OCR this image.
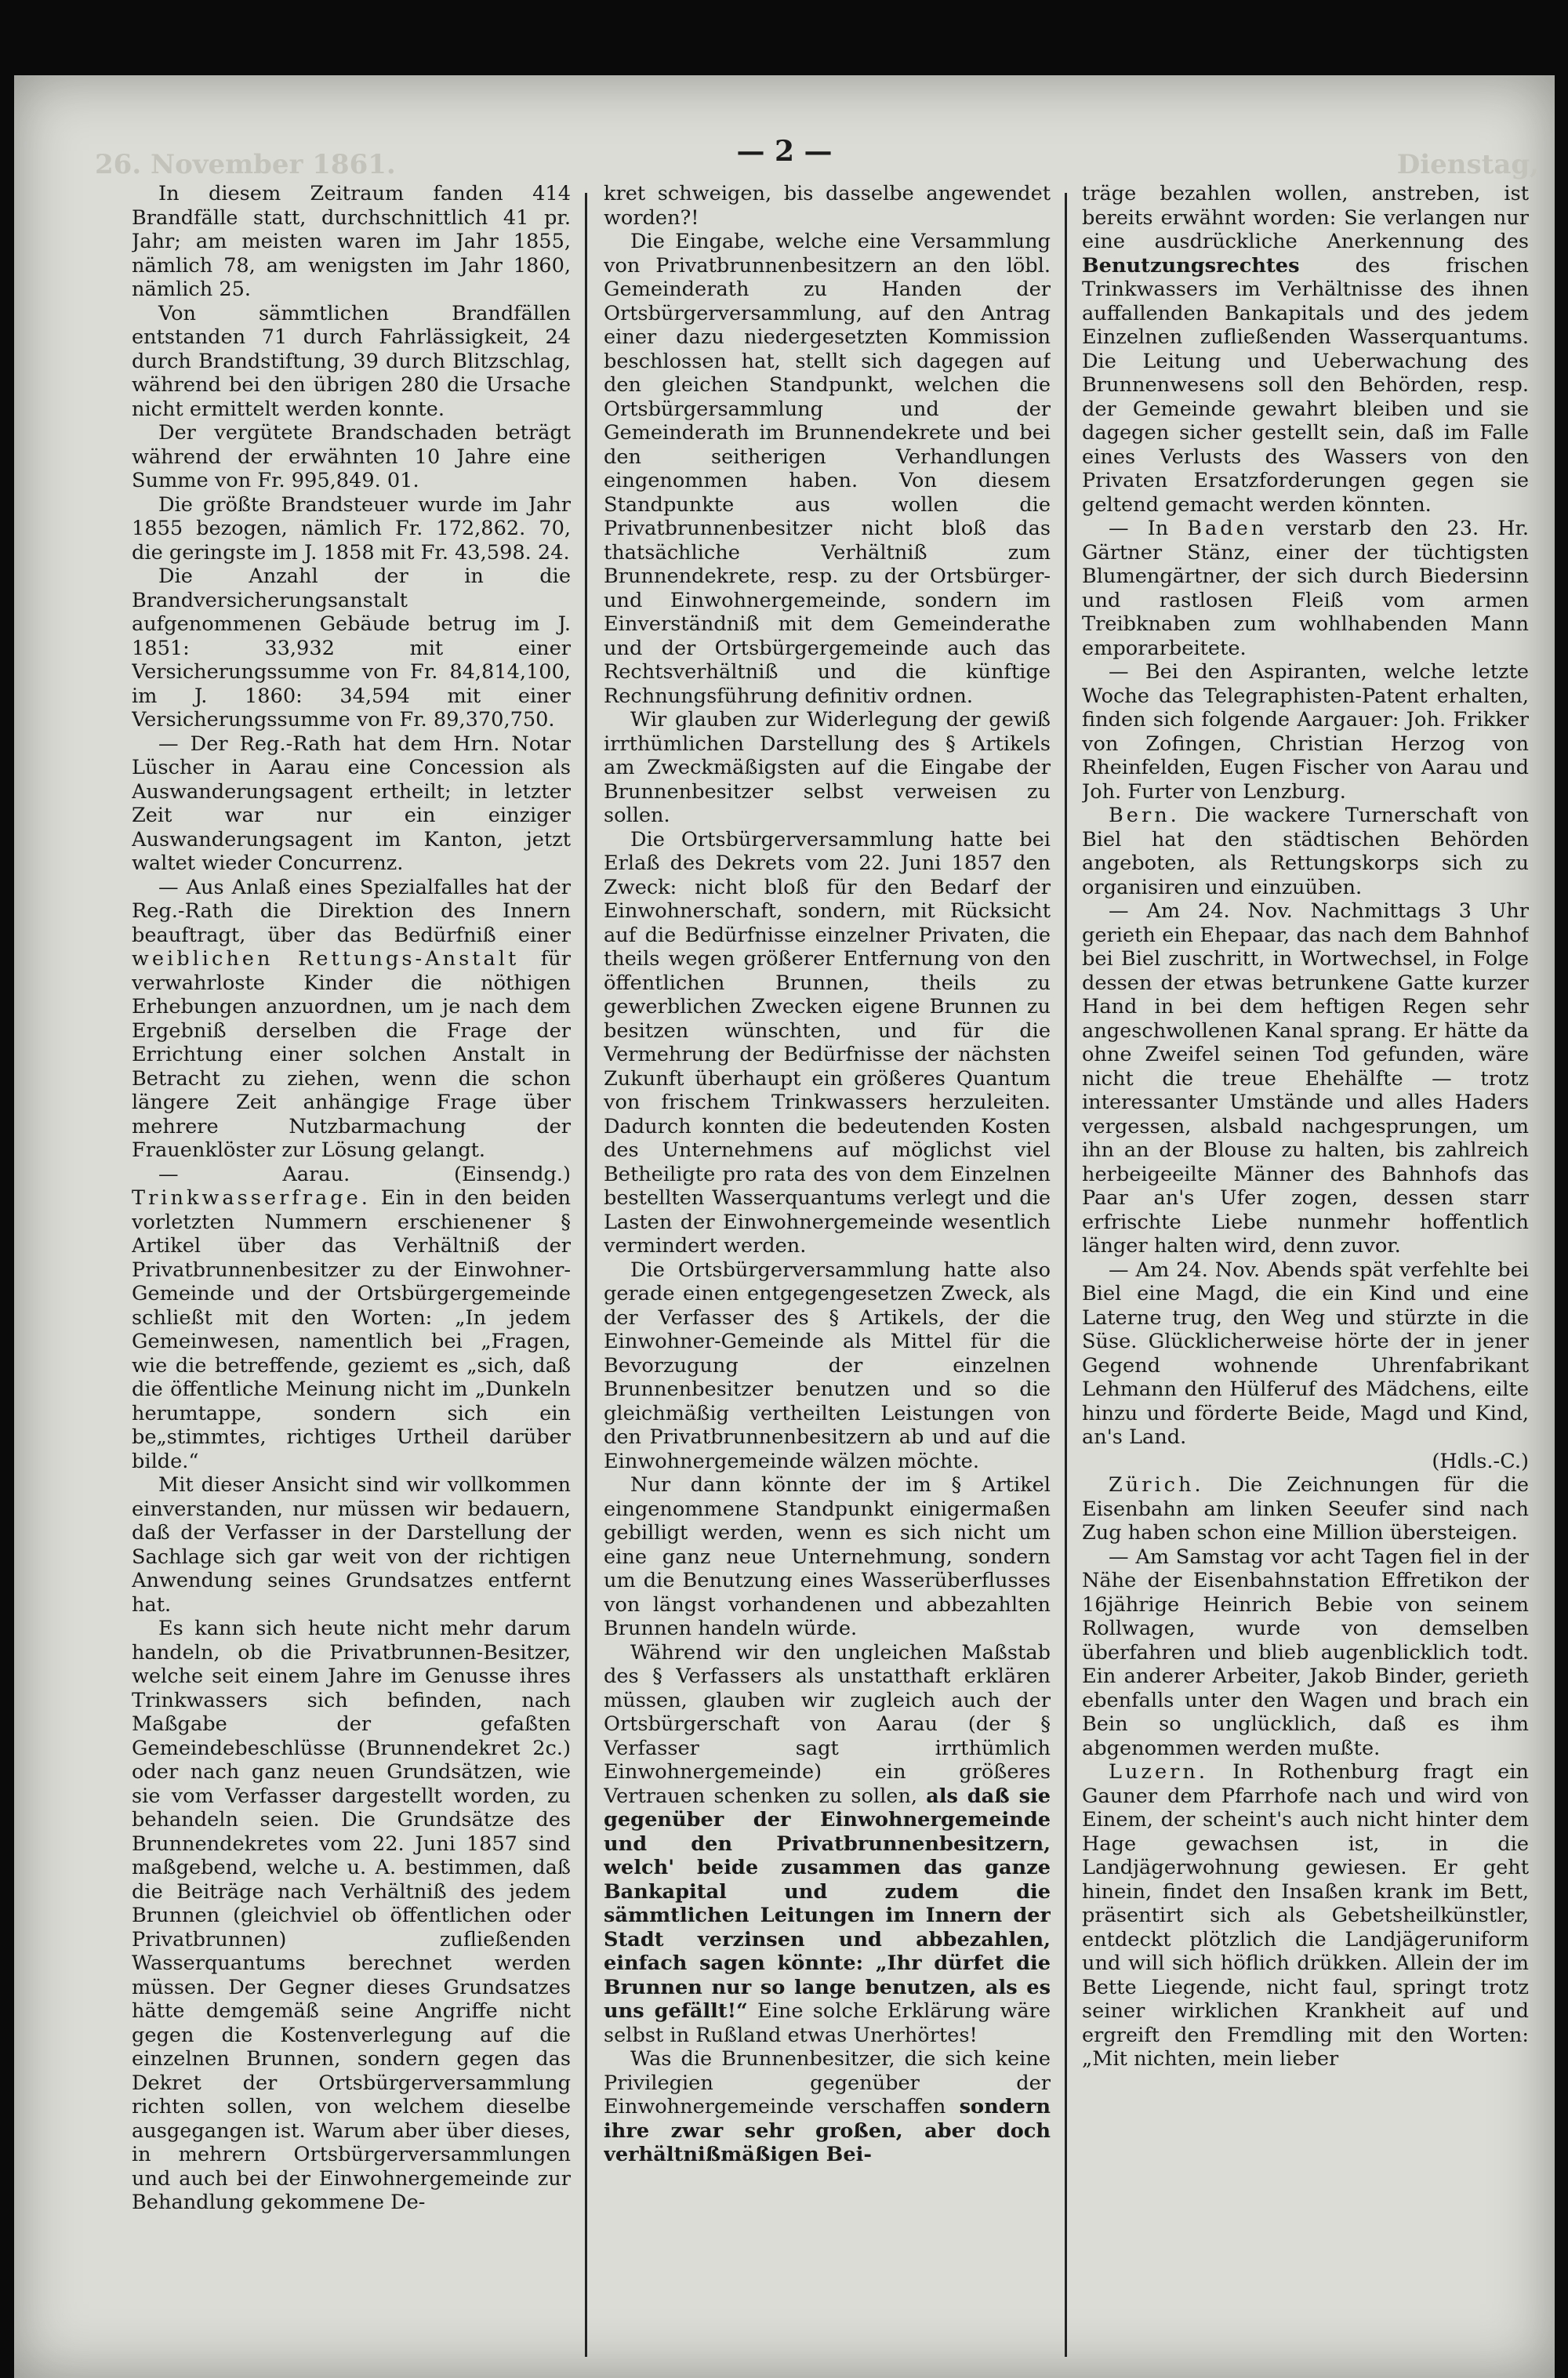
26. November 1861.	Dienstag,
— 2 —

In diesem Zeitraum fanden 414 Brandfälle statt, durchschnittlich 41 pr. Jahr; am meisten waren im Jahr 1855, nämlich 78, am wenigsten im Jahr 1860, nämlich 25.

Von sämmtlichen Brandfällen entstanden 71 durch Fahrlässigkeit, 24 durch Brandstiftung, 39 durch Blitzschlag, während bei den übrigen 280 die Ursache nicht ermittelt werden konnte.

Der vergütete Brandschaden beträgt während der erwähnten 10 Jahre eine Summe von Fr. 995,849. 01.

Die größte Brandsteuer wurde im Jahr 1855 bezogen, nämlich Fr. 172,862. 70, die geringste im J. 1858 mit Fr. 43,598. 24.

Die Anzahl der in die Brandversicherungsanstalt aufgenommenen Gebäude betrug im J. 1851: 33,932 mit einer Versicherungssumme von Fr. 84,814,100, im J. 1860: 34,594 mit einer Versicherungssumme von Fr. 89,370,750.

— Der Reg.-Rath hat dem Hrn. Notar Lüscher in Aarau eine Concession als Auswanderungsagent ertheilt; in letzter Zeit war nur ein einziger Auswanderungsagent im Kanton, jetzt waltet wieder Concurrenz.

— Aus Anlaß eines Spezialfalles hat der Reg.-Rath die Direktion des Innern beauftragt, über das Bedürfniß einer weiblichen Rettungs-Anstalt für verwahrloste Kinder die nöthigen Erhebungen anzuordnen, um je nach dem Ergebniß derselben die Frage der Errichtung einer solchen Anstalt in Betracht zu ziehen, wenn die schon längere Zeit anhängige Frage über mehrere Nutzbarmachung der Frauenklöster zur Lösung gelangt.

— Aarau. (Einsendg.) Trinkwasserfrage. Ein in den beiden vorletzten Nummern erschienener § Artikel über das Verhältniß der Privatbrunnenbesitzer zu der Einwohner-Gemeinde und der Ortsbürgergemeinde schließt mit den Worten: „In jedem Gemeinwesen, namentlich bei „Fragen, wie die betreffende, geziemt es „sich, daß die öffentliche Meinung nicht im „Dunkeln herumtappe, sondern sich ein be„stimmtes, richtiges Urtheil darüber bilde.“

Mit dieser Ansicht sind wir vollkommen einverstanden, nur müssen wir bedauern, daß der Verfasser in der Darstellung der Sachlage sich gar weit von der richtigen Anwendung seines Grundsatzes entfernt hat.

Es kann sich heute nicht mehr darum handeln, ob die Privatbrunnen-Besitzer, welche seit einem Jahre im Genusse ihres Trinkwassers sich befinden, nach Maßgabe der gefaßten Gemeindebeschlüsse (Brunnendekret 2c.) oder nach ganz neuen Grundsätzen, wie sie vom Verfasser dargestellt worden, zu behandeln seien. Die Grundsätze des Brunnendekretes vom 22. Juni 1857 sind maßgebend, welche u. A. bestimmen, daß die Beiträge nach Verhältniß des jedem Brunnen (gleichviel ob öffentlichen oder Privatbrunnen) zufließenden Wasserquantums berechnet werden müssen. Der Gegner dieses Grundsatzes hätte demgemäß seine Angriffe nicht gegen die Kostenverlegung auf die einzelnen Brunnen, sondern gegen das Dekret der Ortsbürgerversammlung richten sollen, von welchem dieselbe ausgegangen ist. Warum aber über dieses, in mehrern Ortsbürgerversammlungen und auch bei der Einwohnergemeinde zur Behandlung gekommene De-

kret schweigen, bis dasselbe angewendet worden?!

Die Eingabe, welche eine Versammlung von Privatbrunnenbesitzern an den löbl. Gemeinderath zu Handen der Ortsbürgerversammlung, auf den Antrag einer dazu niedergesetzten Kommission beschlossen hat, stellt sich dagegen auf den gleichen Standpunkt, welchen die Ortsbürgersammlung und der Gemeinderath im Brunnendekrete und bei den seitherigen Verhandlungen eingenommen haben. Von diesem Standpunkte aus wollen die Privatbrunnenbesitzer nicht bloß das thatsächliche Verhältniß zum Brunnendekrete, resp. zu der Ortsbürger- und Einwohnergemeinde, sondern im Einverständniß mit dem Gemeinderathe und der Ortsbürgergemeinde auch das Rechtsverhältniß und die künftige Rechnungsführung definitiv ordnen.

Wir glauben zur Widerlegung der gewiß irrthümlichen Darstellung des § Artikels am Zweckmäßigsten auf die Eingabe der Brunnenbesitzer selbst verweisen zu sollen.

Die Ortsbürgerversammlung hatte bei Erlaß des Dekrets vom 22. Juni 1857 den Zweck: nicht bloß für den Bedarf der Einwohnerschaft, sondern, mit Rücksicht auf die Bedürfnisse einzelner Privaten, die theils wegen größerer Entfernung von den öffentlichen Brunnen, theils zu gewerblichen Zwecken eigene Brunnen zu besitzen wünschten, und für die Vermehrung der Bedürfnisse der nächsten Zukunft überhaupt ein größeres Quantum von frischem Trinkwassers herzuleiten. Dadurch konnten die bedeutenden Kosten des Unternehmens auf möglichst viel Betheiligte pro rata des von dem Einzelnen bestellten Wasserquantums verlegt und die Lasten der Einwohnergemeinde wesentlich vermindert werden.

Die Ortsbürgerversammlung hatte also gerade einen entgegengesetzen Zweck, als der Verfasser des § Artikels, der die Einwohner-Gemeinde als Mittel für die Bevorzugung der einzelnen Brunnenbesitzer benutzen und so die gleichmäßig vertheilten Leistungen von den Privatbrunnenbesitzern ab und auf die Einwohnergemeinde wälzen möchte.

Nur dann könnte der im § Artikel eingenommene Standpunkt einigermaßen gebilligt werden, wenn es sich nicht um eine ganz neue Unternehmung, sondern um die Benutzung eines Wasserüberflusses von längst vorhandenen und abbezahlten Brunnen handeln würde.

Während wir den ungleichen Maßstab des § Verfassers als unstatthaft erklären müssen, glauben wir zugleich auch der Ortsbürgerschaft von Aarau (der § Verfasser sagt irrthümlich Einwohnergemeinde) ein größeres Vertrauen schenken zu sollen, als daß sie gegenüber der Einwohnergemeinde und den Privatbrunnenbesitzern, welch' beide zusammen das ganze Bankapital und zudem die sämmtlichen Leitungen im Innern der Stadt verzinsen und abbezahlen, einfach sagen könnte: „Ihr dürfet die Brunnen nur so lange benutzen, als es uns gefällt!“ Eine solche Erklärung wäre selbst in Rußland etwas Unerhörtes!

Was die Brunnenbesitzer, die sich keine Privilegien gegenüber der Einwohnergemeinde verschaffen sondern ihre zwar sehr großen, aber doch verhältnißmäßigen Bei-

träge bezahlen wollen, anstreben, ist bereits erwähnt worden: Sie verlangen nur eine ausdrückliche Anerkennung des Benutzungsrechtes	des frischen Trinkwassers im Verhältnisse des ihnen auffallenden Bankapitals und des jedem Einzelnen zufließenden Wasserquantums. Die Leitung und Ueberwachung des Brunnenwesens soll den Behörden, resp. der Gemeinde gewahrt bleiben und sie dagegen sicher gestellt sein, daß im Falle eines Verlusts des Wassers von den Privaten Ersatzforderungen gegen sie geltend gemacht werden könnten.

— In Baden verstarb den 23. Hr. Gärtner Stänz, einer der tüchtigsten Blumengärtner, der sich durch Biedersinn und rastlosen Fleiß vom armen Treibknaben zum wohlhabenden Mann emporarbeitete.

— Bei den Aspiranten, welche letzte Woche das Telegraphisten-Patent erhalten, finden sich folgende Aargauer: Joh. Frikker von Zofingen, Christian Herzog von Rheinfelden, Eugen Fischer von Aarau und Joh. Furter von Lenzburg.

Bern. Die wackere Turnerschaft von Biel hat den städtischen Behörden angeboten, als Rettungskorps sich zu organisiren und einzuüben.

— Am 24. Nov. Nachmittags 3 Uhr gerieth ein Ehepaar, das nach dem Bahnhof bei Biel zuschritt, in Wortwechsel, in Folge dessen der etwas betrunkene Gatte kurzer Hand in bei dem heftigen Regen sehr angeschwollenen Kanal sprang. Er hätte da ohne Zweifel seinen Tod gefunden, wäre nicht die treue Ehehälfte — trotz interessanter Umstände und alles Haders vergessen, alsbald nachgesprungen, um ihn an der Blouse zu halten, bis zahlreich herbeigeeilte Männer des Bahnhofs das Paar an's Ufer zogen, dessen starr erfrischte Liebe nunmehr hoffentlich länger halten wird, denn zuvor.

— Am 24. Nov. Abends spät verfehlte bei Biel eine Magd, die ein Kind und eine Laterne trug, den Weg und stürzte in die Süse. Glücklicherweise hörte der in jener Gegend wohnende Uhrenfabrikant Lehmann den Hülferuf des Mädchens, eilte hinzu und förderte Beide, Magd und Kind, an's Land.

(Hdls.-C.)

Zürich. Die Zeichnungen für die Eisenbahn am linken Seeufer sind nach Zug haben schon eine Million übersteigen.

— Am Samstag vor acht Tagen fiel in der Nähe der Eisenbahnstation Effretikon der 16jährige Heinrich Bebie von seinem Rollwagen, wurde von demselben überfahren und blieb augenblicklich todt. Ein anderer Arbeiter, Jakob Binder, gerieth ebenfalls unter den Wagen und brach ein Bein so unglücklich, daß es ihm abgenommen werden mußte.

Luzern. In Rothenburg fragt ein Gauner dem Pfarrhofe nach und wird von Einem, der scheint's auch nicht hinter dem Hage gewachsen ist, in die Landjägerwohnung gewiesen. Er geht hinein, findet den Insaßen krank im Bett, präsentirt sich als Gebetsheilkünstler, entdeckt plötzlich die Landjägeruniform und will sich höflich drükken. Allein der im Bette Liegende, nicht faul, springt trotz seiner wirklichen Krankheit auf und ergreift den Fremdling mit den Worten: „Mit nichten, mein lieber
